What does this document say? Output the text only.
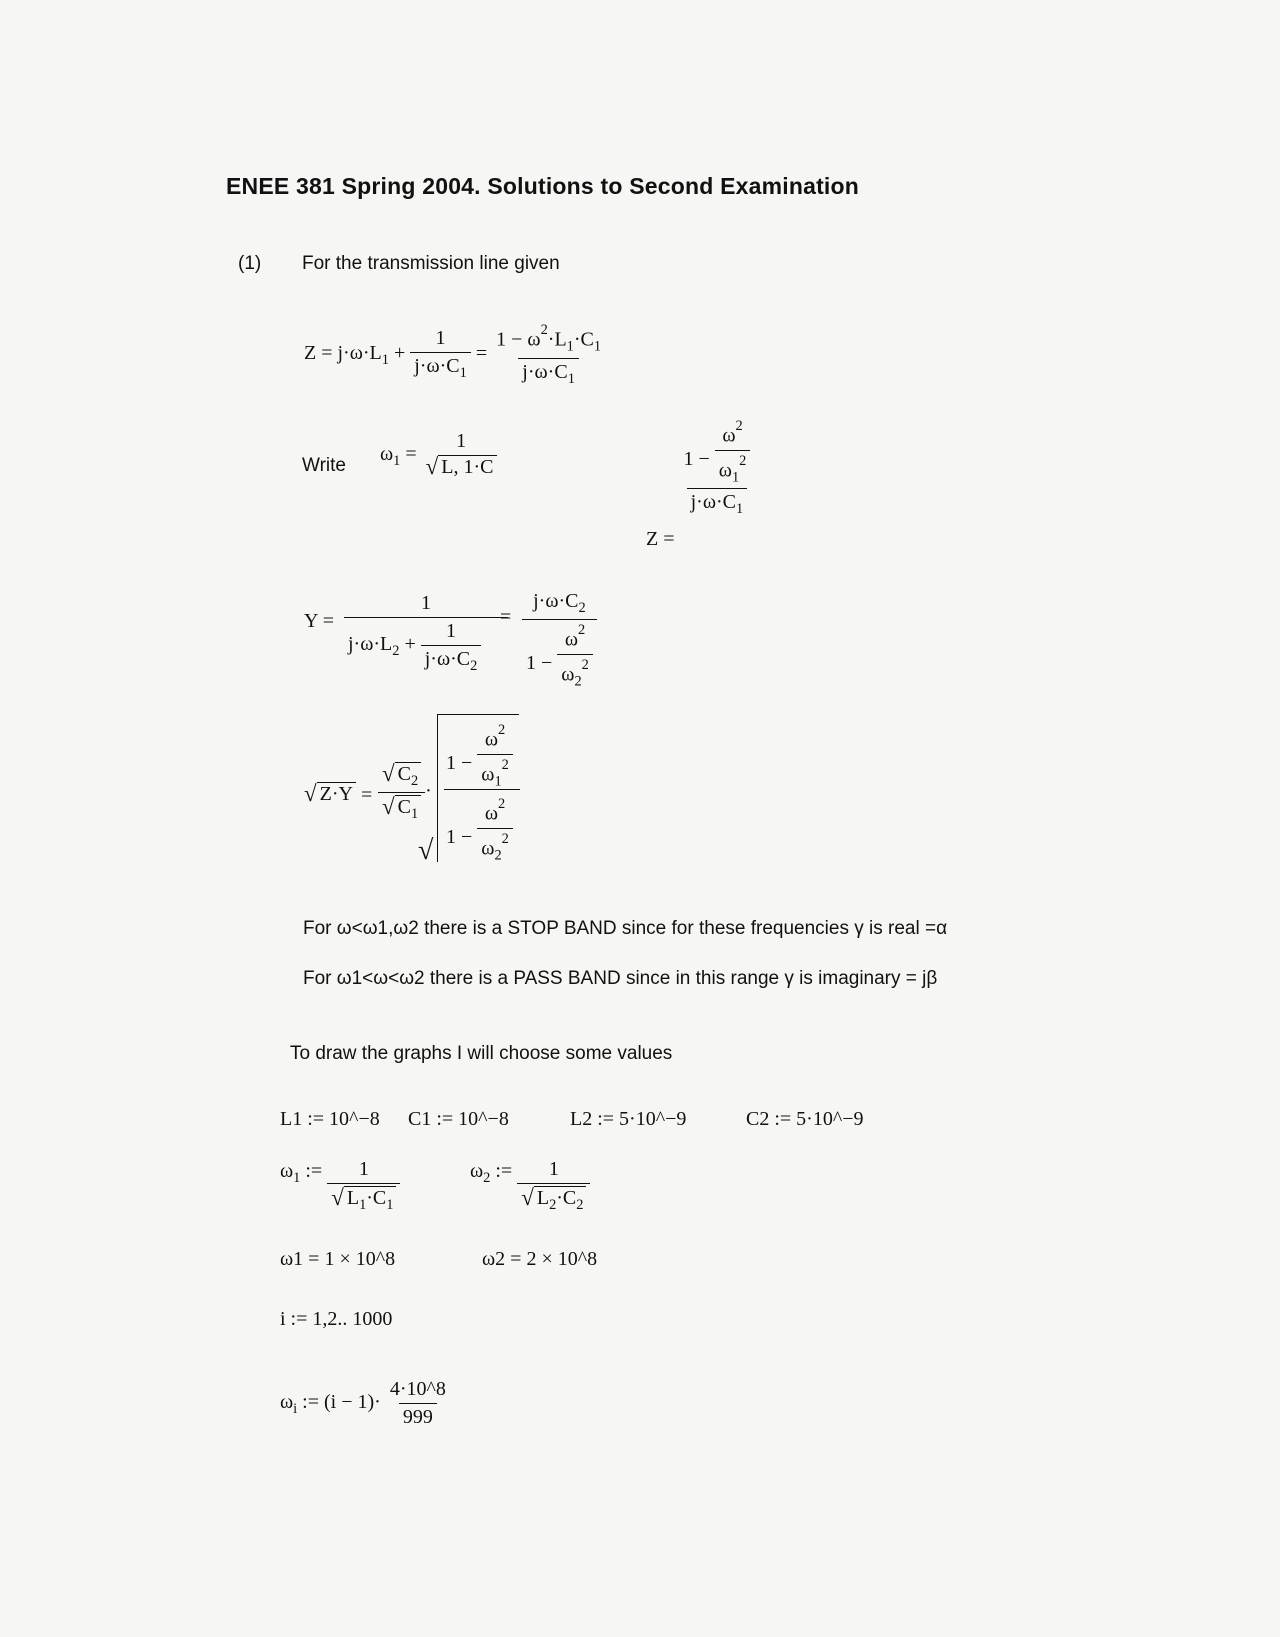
ENEE 381 Spring 2004. Solutions to Second Examination
(1) For the transmission line given
$Z = j\cdot\omega\cdot L_1 + \frac{1}{j\cdot\omega\cdot C_1} = \frac{1 - \omega^2\cdot L_1\cdot C_1}{j\cdot\omega\cdot C_1}$
Write
$\omega_1$ =
1
√ L, 1·C
Z =
$\frac{1 - \frac{\omega^2}{\omega_1^2}}{j\cdot\omega\cdot C_1}$
$Y = \frac{1}{j\cdot\omega\cdot L_2 + \frac{1}{j\cdot\omega\cdot C_2}}$
= $\frac{j\cdot\omega\cdot C_2}{1 - \frac{\omega^2}{\omega_2^2}}$
√ $Z\cdot Y = \frac{√ C_2}{√ C_1}$ ·
√
$1 - \frac{\omega^2}{\omega_1^2}$
$1 - \frac{\omega^2}{\omega_2^2}$
For ω<ω1,ω2 there is a STOP BAND since for these frequencies γ is real =α
For ω1<ω<ω2 there is a PASS BAND since in this range γ is imaginary = jβ
To draw the graphs I will choose some values
L1 := 10^−8 C1 := 10^−8	L2 := 5·10^−9	C2 := 5·10^−9
$\omega_1$ := $\frac{1}{√ L_1\cdot C_1}$	$\omega_2$ := $\frac{1}{√ L_2\cdot C_2}$
ω1 = 1 × 10^8	ω2 = 2 × 10^8
i := 1,2.. 1000
$\omega_i$ := $(i - 1)\cdot \frac{4\cdot 10\^{}8}{999}$
